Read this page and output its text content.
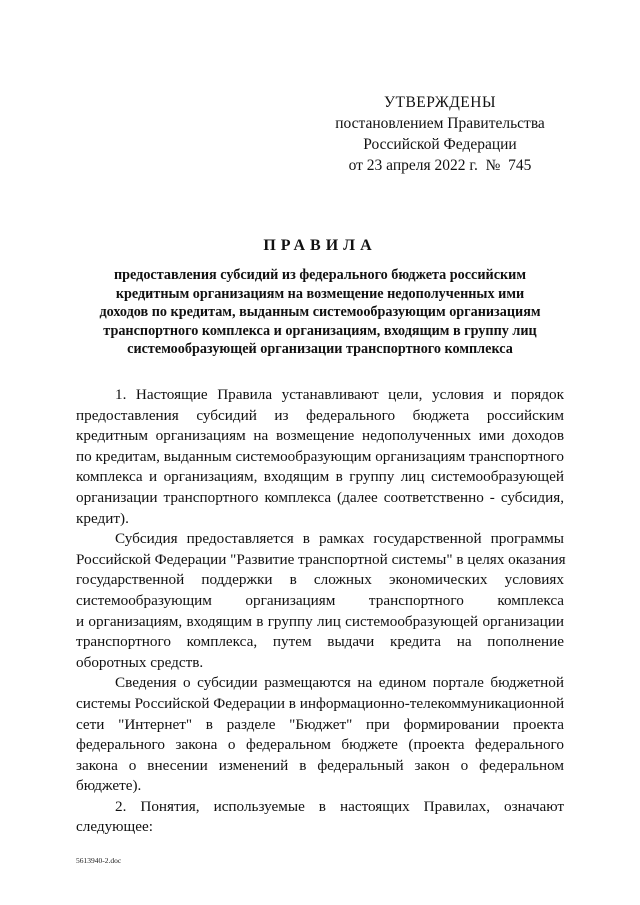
УТВЕРЖДЕНЫ
постановлением Правительства
Российской Федерации
от 23 апреля 2022 г.  №  745
ПРАВИЛА
предоставления субсидий из федерального бюджета российским
кредитным организациям на возмещение недополученных ими
доходов по кредитам, выданным системообразующим организациям
транспортного комплекса и организациям, входящим в группу лиц
системообразующей организации транспортного комплекса
1. Настоящие Правила устанавливают цели, условия и порядок
предоставления субсидий из федерального бюджета российским
кредитным организациям на возмещение недополученных ими доходов
по кредитам, выданным системообразующим организациям транспортного
комплекса и организациям, входящим в группу лиц системообразующей
организации транспортного комплекса (далее соответственно - субсидия,
кредит).
Субсидия предоставляется в рамках государственной программы
Российской Федерации "Развитие транспортной системы" в целях оказания
государственной поддержки в сложных экономических условиях
системообразующим организациям транспортного комплекса
и организациям, входящим в группу лиц системообразующей организации
транспортного комплекса, путем выдачи кредита на пополнение
оборотных средств.
Сведения о субсидии размещаются на едином портале бюджетной
системы Российской Федерации в информационно-телекоммуникационной
сети "Интернет" в разделе "Бюджет" при формировании проекта
федерального закона о федеральном бюджете (проекта федерального
закона о внесении изменений в федеральный закон о федеральном
бюджете).
2. Понятия, используемые в настоящих Правилах, означают
следующее:
5613940-2.doc
